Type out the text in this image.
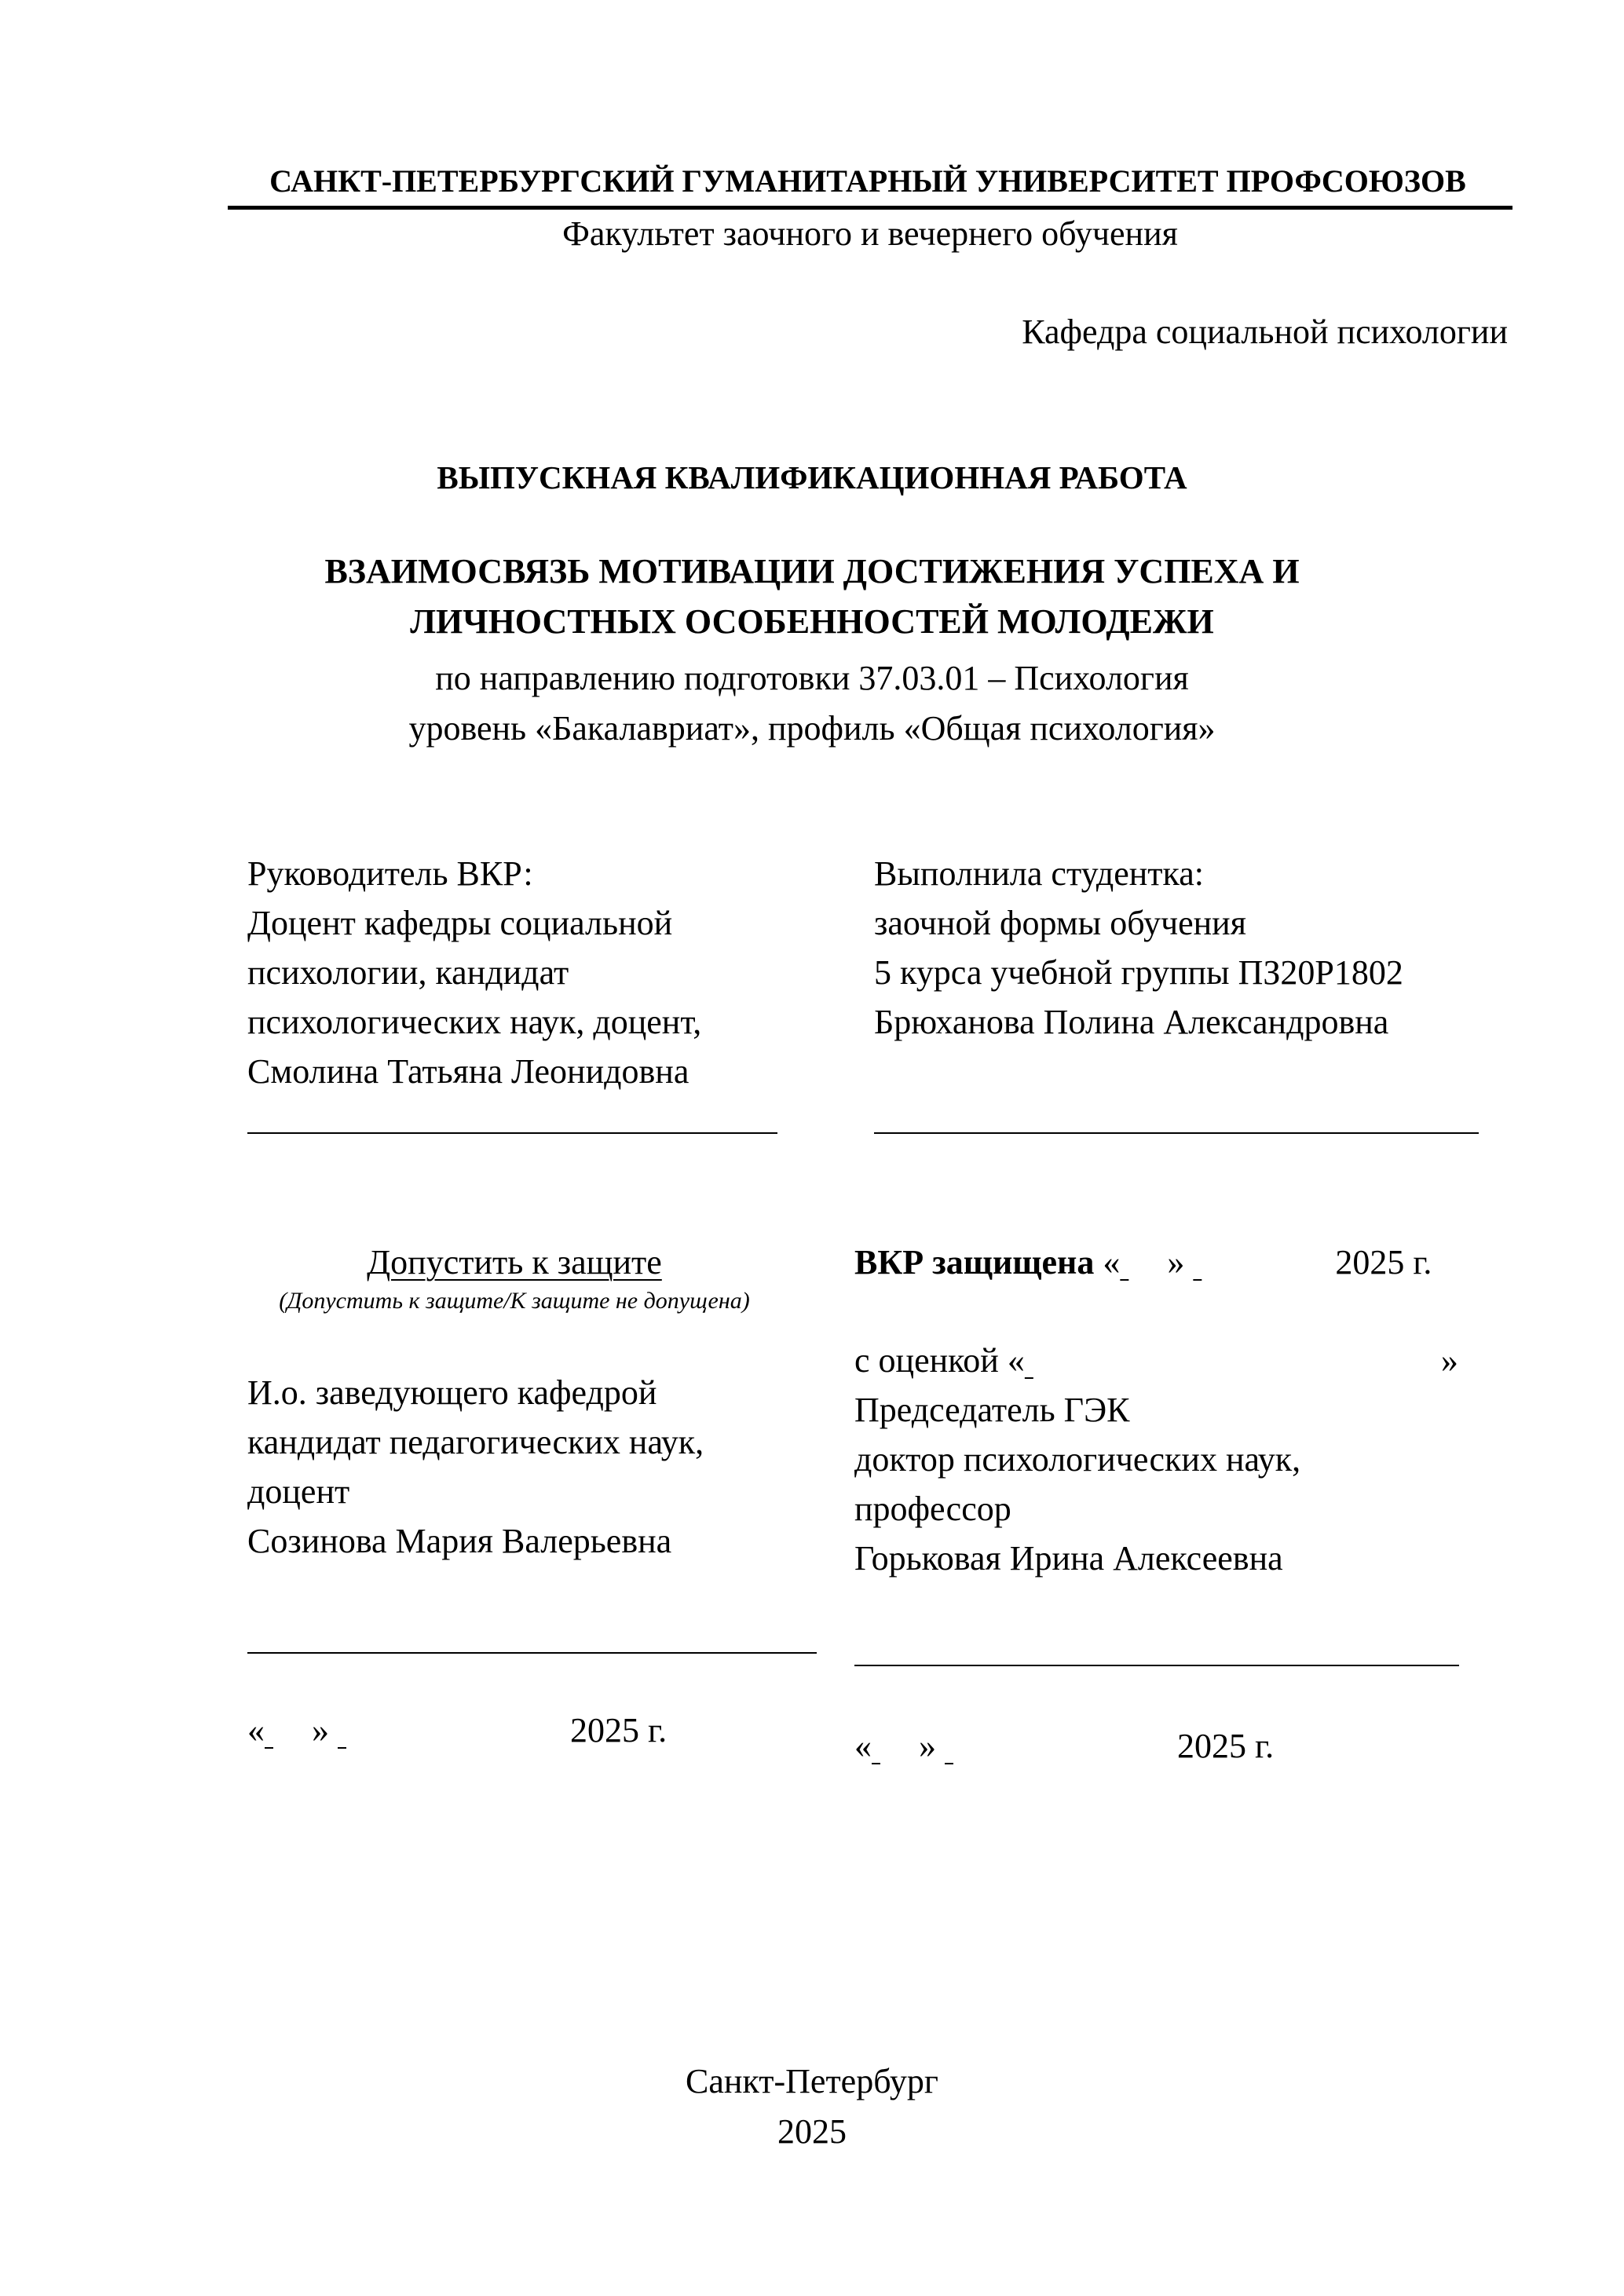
САНКТ-ПЕТЕРБУРГСКИЙ ГУМАНИТАРНЫЙ УНИВЕРСИТЕТ ПРОФСОЮЗОВ
Факультет заочного и вечернего обучения
Кафедра социальной психологии
ВЫПУСКНАЯ КВАЛИФИКАЦИОННАЯ РАБОТА
ВЗАИМОСВЯЗЬ МОТИВАЦИИ ДОСТИЖЕНИЯ УСПЕХА И
ЛИЧНОСТНЫХ ОСОБЕННОСТЕЙ МОЛОДЕЖИ
по направлению подготовки 37.03.01 – Психология
уровень «Бакалавриат», профиль «Общая психология»
Руководитель ВКР:
Доцент кафедры социальной
психологии, кандидат
психологических наук, доцент,
Смолина Татьяна Леонидовна
Выполнила студентка:
заочной формы обучения
5 курса учебной группы ПЗ20Р1802
Брюханова Полина Александровна
Допустить к защите
(Допустить к защите/К защите не допущена)
И.о. заведующего кафедрой
кандидат педагогических наук,
доцент
Созинова Мария Валерьевна
« »	2025 г.
ВКР защищена « »	2025 г.
с оценкой «	»
Председатель ГЭК
доктор психологических наук,
профессор
Горьковая Ирина Алексеевна
« »	2025 г.
Санкт-Петербург
2025
